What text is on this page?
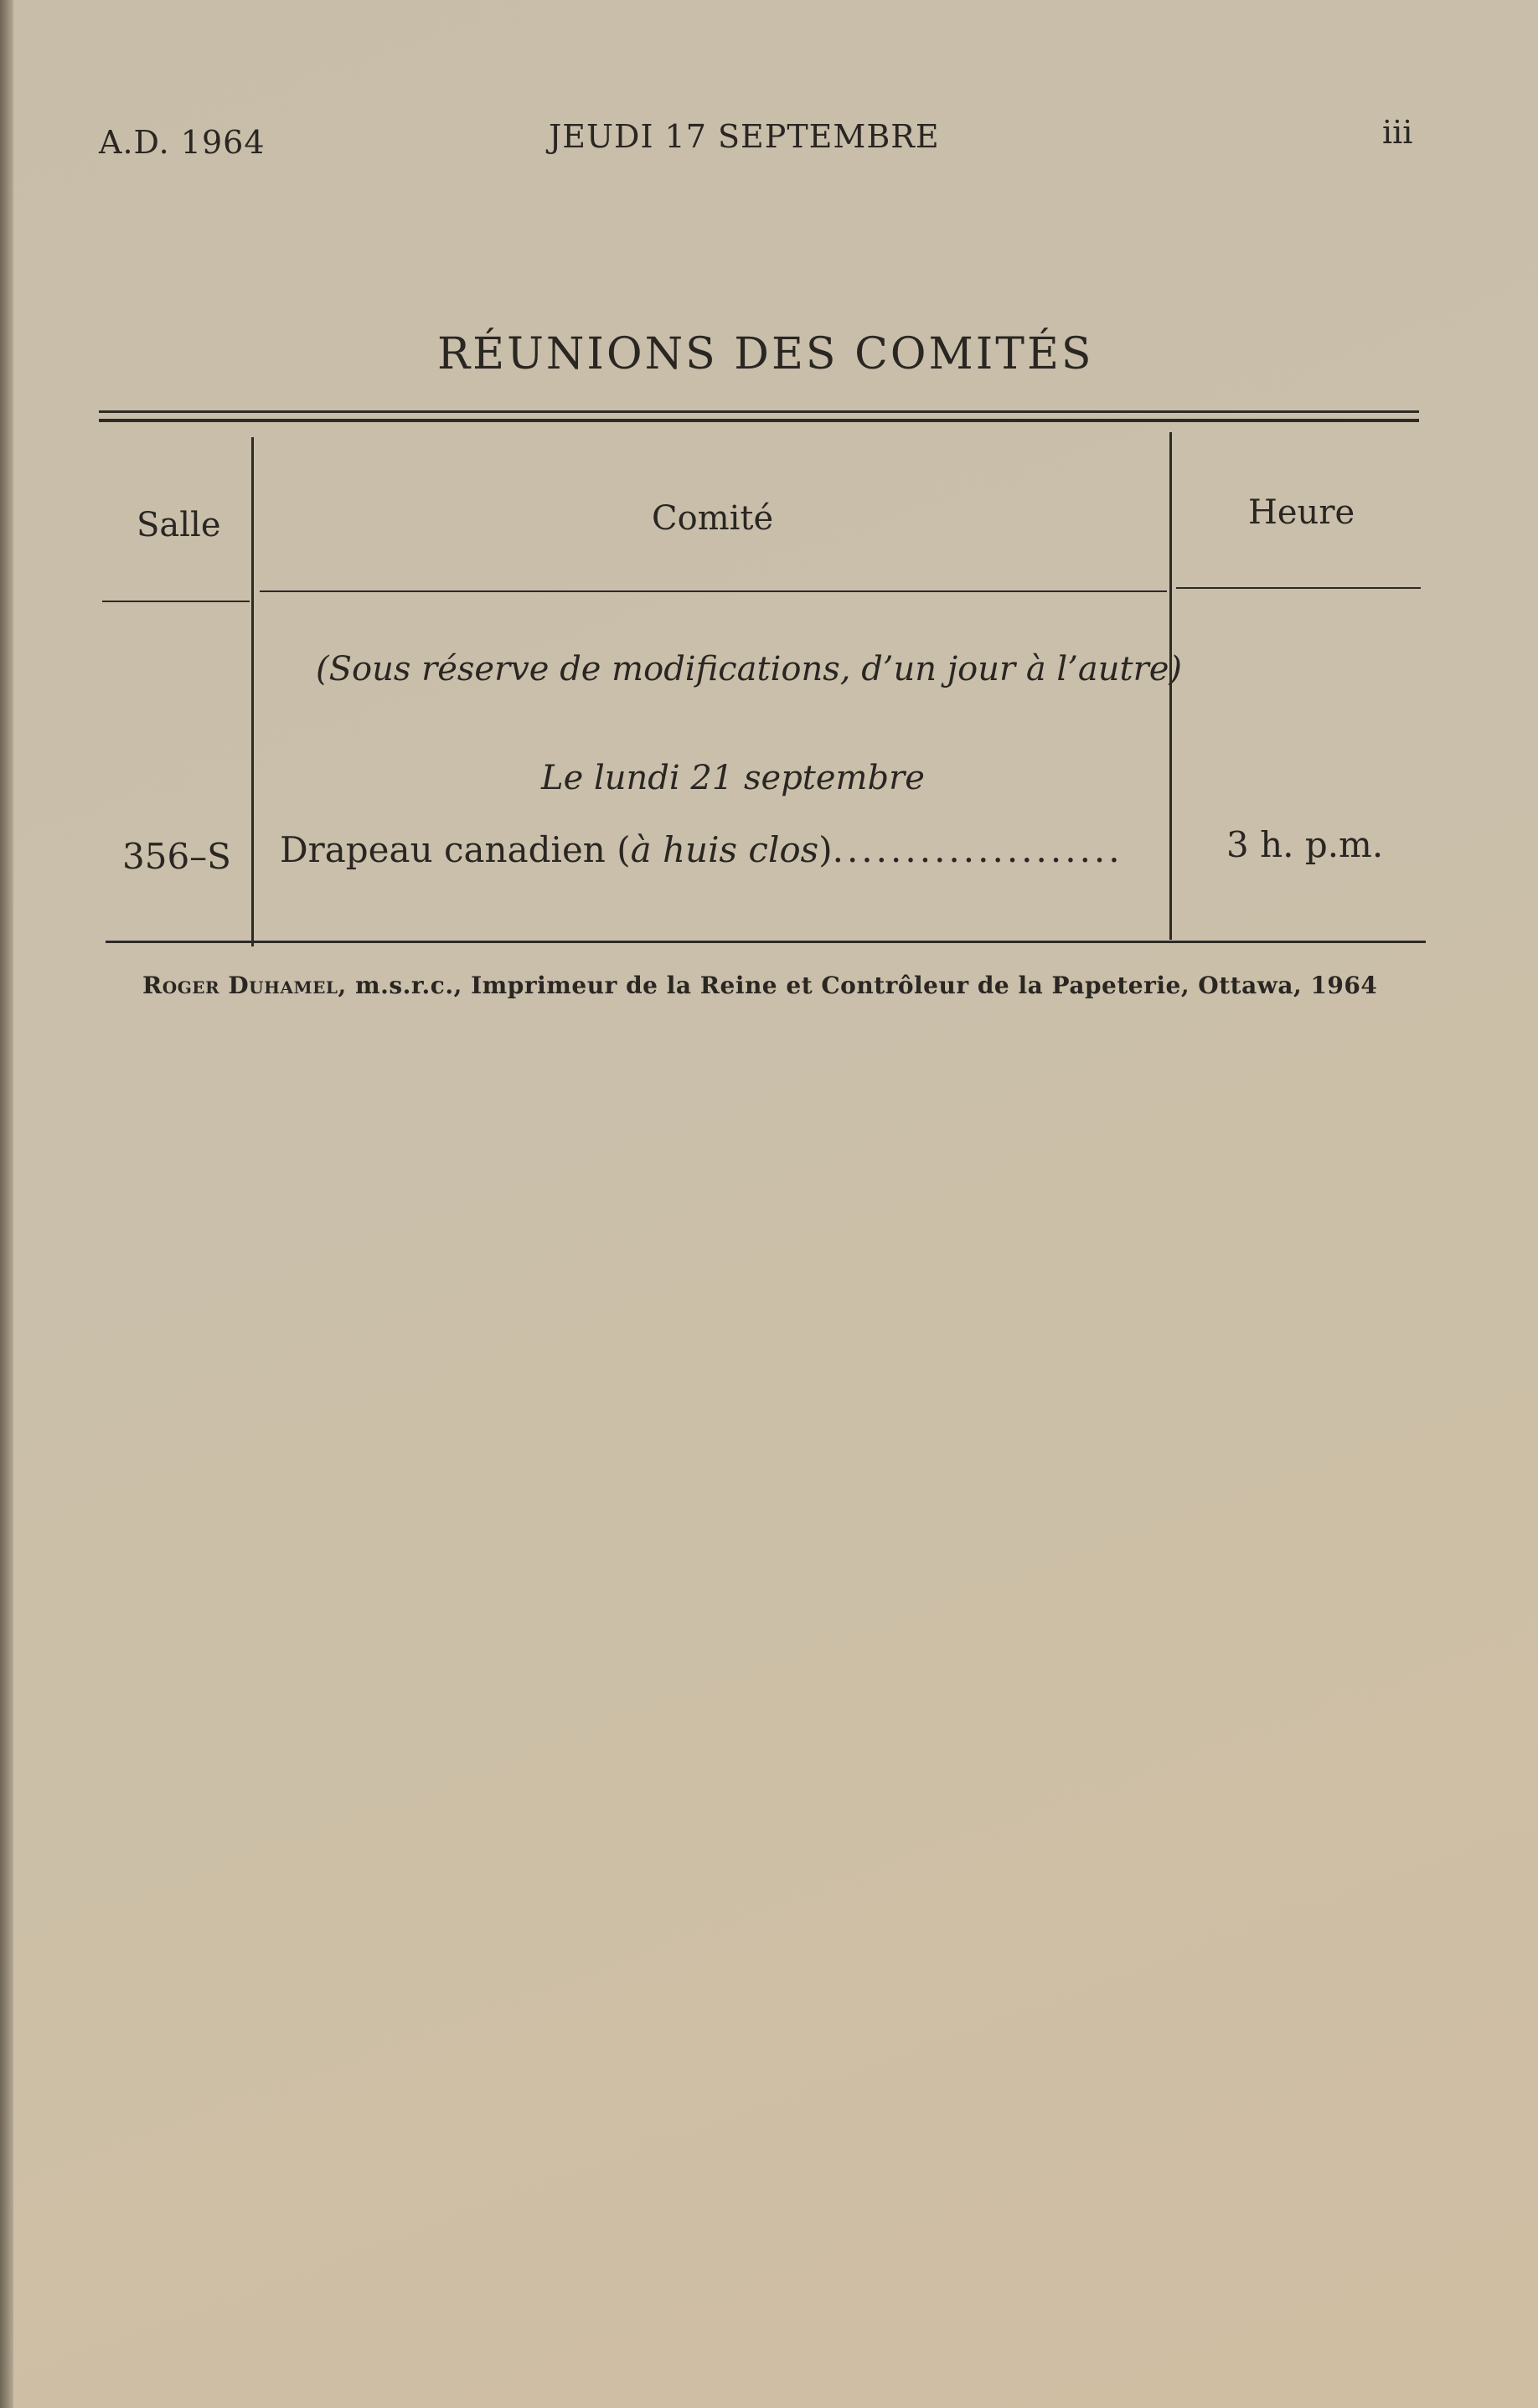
A.D. 1964	JEUDI 17 SEPTEMBRE	iii
RÉUNIONS DES COMITÉS
Salle	Comité	Heure
(Sous réserve de modifications, d’un jour à l’autre)
Le lundi 21 septembre
356–S Drapeau canadien (à huis clos)....................	3 h. p.m.
Roger Duhamel, m.s.r.c., Imprimeur de la Reine et Contrôleur de la Papeterie, Ottawa, 1964
